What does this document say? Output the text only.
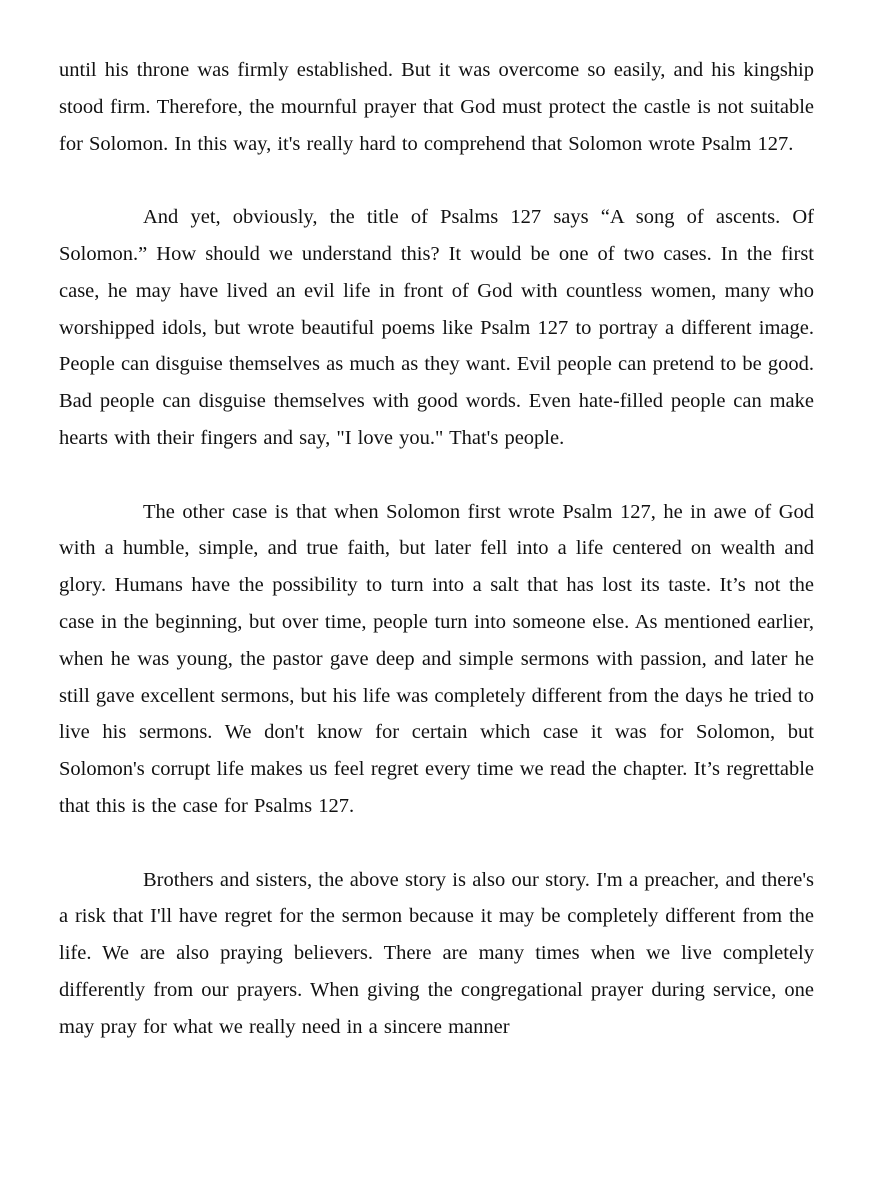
until his throne was firmly established. But it was overcome so easily, and his kingship stood firm. Therefore, the mournful prayer that God must protect the castle is not suitable for Solomon. In this way, it's really hard to comprehend that Solomon wrote Psalm 127.

And yet, obviously, the title of Psalms 127 says “A song of ascents. Of Solomon.” How should we understand this? It would be one of two cases. In the first case, he may have lived an evil life in front of God with countless women, many who worshipped idols, but wrote beautiful poems like Psalm 127 to portray a different image. People can disguise themselves as much as they want. Evil people can pretend to be good. Bad people can disguise themselves with good words. Even hate-filled people can make hearts with their fingers and say, "I love you." That's people.

The other case is that when Solomon first wrote Psalm 127, he in awe of God with a humble, simple, and true faith, but later fell into a life centered on wealth and glory. Humans have the possibility to turn into a salt that has lost its taste. It’s not the case in the beginning, but over time, people turn into someone else. As mentioned earlier, when he was young, the pastor gave deep and simple sermons with passion, and later he still gave excellent sermons, but his life was completely different from the days he tried to live his sermons. We don't know for certain which case it was for Solomon, but Solomon's corrupt life makes us feel regret every time we read the chapter. It’s regrettable that this is the case for Psalms 127.

Brothers and sisters, the above story is also our story. I'm a preacher, and there's a risk that I'll have regret for the sermon because it may be completely different from the life. We are also praying believers. There are many times when we live completely differently from our prayers. When giving the congregational prayer during service, one may pray for what we really need in a sincere manner
